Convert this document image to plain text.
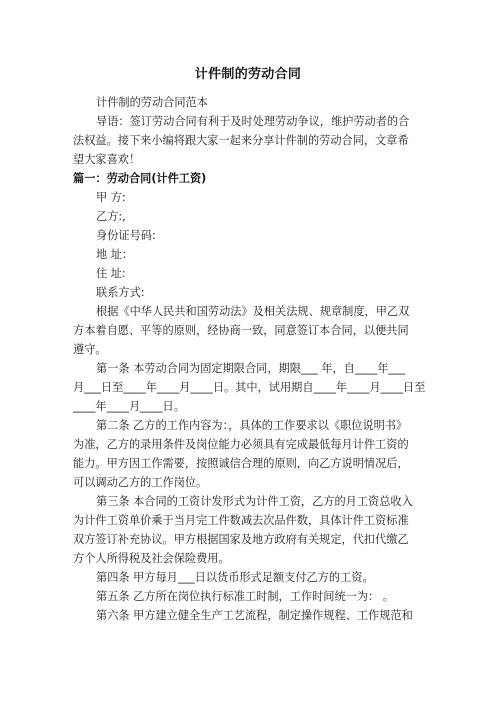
计件制的劳动合同
计件制的劳动合同范本
导语：签订劳动合同有利于及时处理劳动争议，维护劳动者的合
法权益。接下来小编将跟大家一起来分享计件制的劳动合同，文章希
望大家喜欢！
篇一：劳动合同(计件工资)
甲 方:
乙方:,
身份证号码:
地 址：
住 址:
联系方式:
根据《中华人民共和国劳动法》及相关法规、规章制度，甲乙双
方本着自愿、平等的原则，经协商一致，同意签订本合同，以便共同
遵守。
第一条 本劳动合同为固定期限合同，期限___ 年，自____年___
月___日至____年____月____日。其中，试用期自____年____月____日至
____年____月____日。
第二条 乙方的工作内容为：，具体的工作要求以《职位说明书》
为准，乙方的录用条件及岗位能力必须具有完成最低每月计件工资的
能力。甲方因工作需要，按照诚信合理的原则，向乙方说明情况后，
可以调动乙方的工作岗位。
第三条 本合同的工资计发形式为计件工资，乙方的月工资总收入
为计件工资单价乘于当月完工件数减去次品件数，具体计件工资标准
双方签订补充协议。甲方根据国家及地方政府有关规定，代扣代缴乙
方个人所得税及社会保险费用。
第四条 甲方每月___日以货币形式足额支付乙方的工资。
第五条 乙方所在岗位执行标准工时制，工作时间统一为： 。
第六条 甲方建立健全生产工艺流程，制定操作规程、工作规范和
